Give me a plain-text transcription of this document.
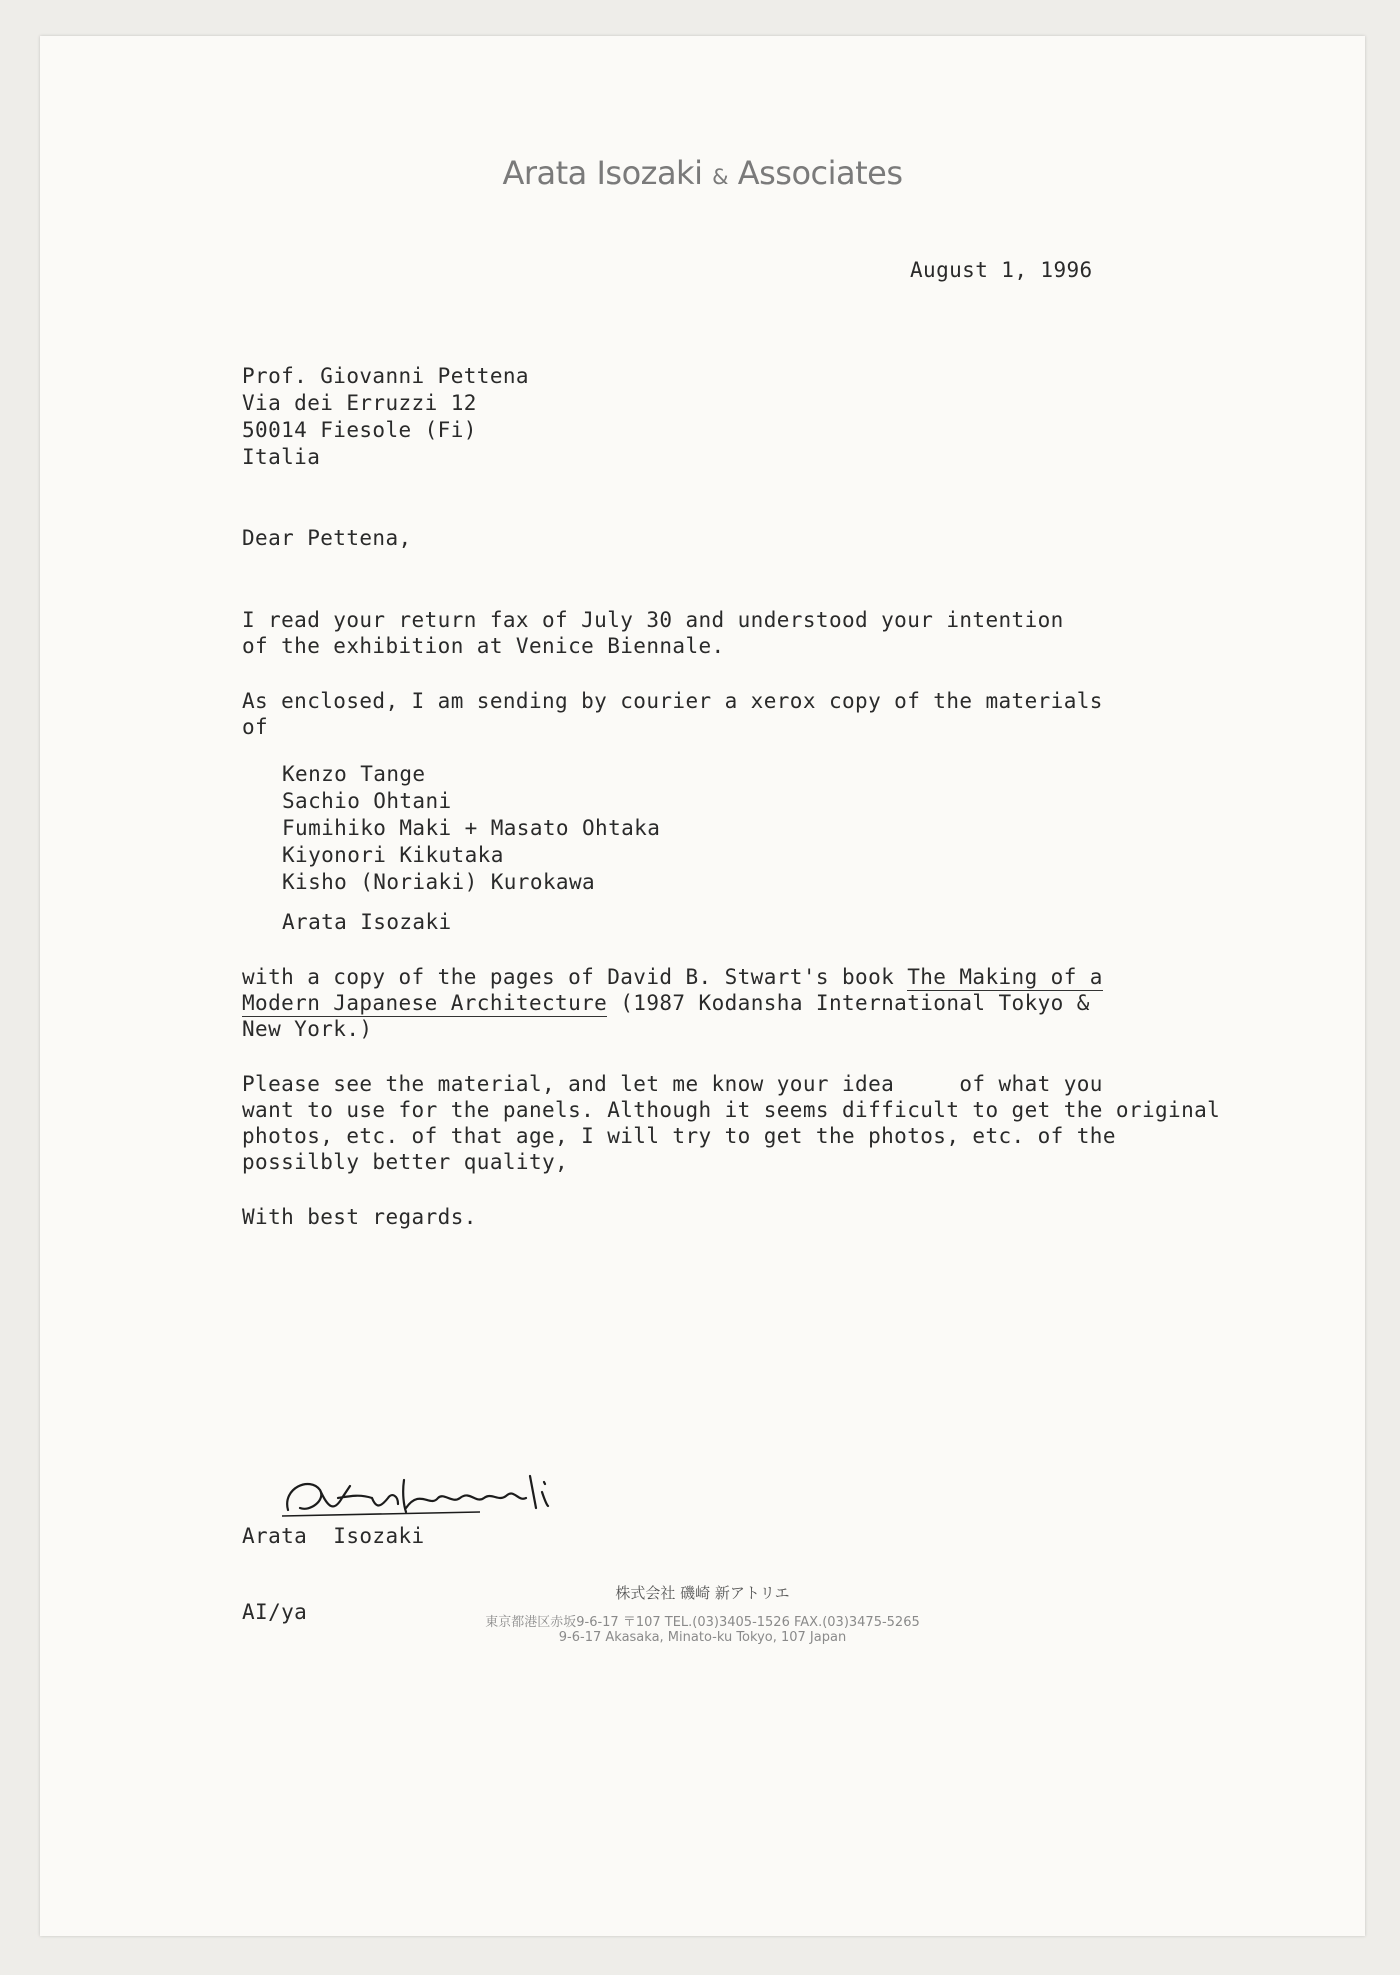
Arata Isozaki & Associates
August 1, 1996
Prof. Giovanni Pettena
Via dei Erruzzi 12
50014 Fiesole (Fi)
Italia
Dear Pettena,
I read your return fax of July 30 and understood your intention
of the exhibition at Venice Biennale.
As enclosed, I am sending by courier a xerox copy of the materials
of
Kenzo Tange
Sachio Ohtani
Fumihiko Maki + Masato Ohtaka
Kiyonori Kikutaka
Kisho (Noriaki) Kurokawa
Arata Isozaki
with a copy of the pages of David B. Stwart's book The Making of a
Modern Japanese Architecture (1987 Kodansha International Tokyo &
New York.)
Please see the material, and let me know your idea     of what you
want to use for the panels. Although it seems difficult to get the original
photos, etc. of that age, I will try to get the photos, etc. of the
possilbly better quality,
With best regards.
Arata  Isozaki
AI/ya
株式会社 磯崎 新アトリエ
東京都港区赤坂9-6-17 〒107 TEL.(03)3405-1526 FAX.(03)3475-5265
9-6-17 Akasaka, Minato-ku Tokyo, 107 Japan
